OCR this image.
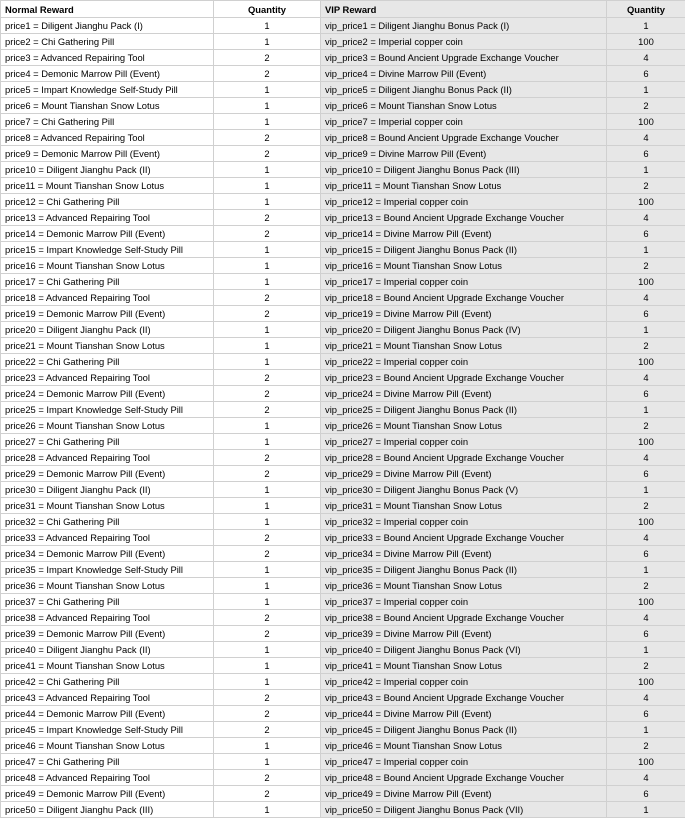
Normal Reward	Quantity	VIP Reward	Quantity
price1 = Diligent Jianghu Pack (I)	1	vip_price1 = Diligent Jianghu Bonus Pack (I)	1
price2 = Chi Gathering Pill	1	vip_price2 = Imperial copper coin	100
price3 = Advanced Repairing Tool	2	vip_price3 = Bound Ancient Upgrade Exchange Voucher	4
price4 = Demonic Marrow Pill (Event)	2	vip_price4 = Divine Marrow Pill (Event)	6
price5 = Impart Knowledge Self-Study Pill	1	vip_price5 = Diligent Jianghu Bonus Pack (II)	1
price6 = Mount Tianshan Snow Lotus	1	vip_price6 = Mount Tianshan Snow Lotus	2
price7 = Chi Gathering Pill	1	vip_price7 = Imperial copper coin	100
price8 = Advanced Repairing Tool	2	vip_price8 = Bound Ancient Upgrade Exchange Voucher	4
price9 = Demonic Marrow Pill (Event)	2	vip_price9 = Divine Marrow Pill (Event)	6
price10 = Diligent Jianghu Pack (II)	1	vip_price10 = Diligent Jianghu Bonus Pack (III)	1
price11 = Mount Tianshan Snow Lotus	1	vip_price11 = Mount Tianshan Snow Lotus	2
price12 = Chi Gathering Pill	1	vip_price12 = Imperial copper coin	100
price13 = Advanced Repairing Tool	2	vip_price13 = Bound Ancient Upgrade Exchange Voucher	4
price14 = Demonic Marrow Pill (Event)	2	vip_price14 = Divine Marrow Pill (Event)	6
price15 = Impart Knowledge Self-Study Pill	1	vip_price15 = Diligent Jianghu Bonus Pack (II)	1
price16 = Mount Tianshan Snow Lotus	1	vip_price16 = Mount Tianshan Snow Lotus	2
price17 = Chi Gathering Pill	1	vip_price17 = Imperial copper coin	100
price18 = Advanced Repairing Tool	2	vip_price18 = Bound Ancient Upgrade Exchange Voucher	4
price19 = Demonic Marrow Pill (Event)	2	vip_price19 = Divine Marrow Pill (Event)	6
price20 = Diligent Jianghu Pack (II)	1	vip_price20 = Diligent Jianghu Bonus Pack (IV)	1
price21 = Mount Tianshan Snow Lotus	1	vip_price21 = Mount Tianshan Snow Lotus	2
price22 = Chi Gathering Pill	1	vip_price22 = Imperial copper coin	100
price23 = Advanced Repairing Tool	2	vip_price23 = Bound Ancient Upgrade Exchange Voucher	4
price24 = Demonic Marrow Pill (Event)	2	vip_price24 = Divine Marrow Pill (Event)	6
price25 = Impart Knowledge Self-Study Pill	2	vip_price25 = Diligent Jianghu Bonus Pack (II)	1
price26 = Mount Tianshan Snow Lotus	1	vip_price26 = Mount Tianshan Snow Lotus	2
price27 = Chi Gathering Pill	1	vip_price27 = Imperial copper coin	100
price28 = Advanced Repairing Tool	2	vip_price28 = Bound Ancient Upgrade Exchange Voucher	4
price29 = Demonic Marrow Pill (Event)	2	vip_price29 = Divine Marrow Pill (Event)	6
price30 = Diligent Jianghu Pack (II)	1	vip_price30 = Diligent Jianghu Bonus Pack (V)	1
price31 = Mount Tianshan Snow Lotus	1	vip_price31 = Mount Tianshan Snow Lotus	2
price32 = Chi Gathering Pill	1	vip_price32 = Imperial copper coin	100
price33 = Advanced Repairing Tool	2	vip_price33 = Bound Ancient Upgrade Exchange Voucher	4
price34 = Demonic Marrow Pill (Event)	2	vip_price34 = Divine Marrow Pill (Event)	6
price35 = Impart Knowledge Self-Study Pill	1	vip_price35 = Diligent Jianghu Bonus Pack (II)	1
price36 = Mount Tianshan Snow Lotus	1	vip_price36 = Mount Tianshan Snow Lotus	2
price37 = Chi Gathering Pill	1	vip_price37 = Imperial copper coin	100
price38 = Advanced Repairing Tool	2	vip_price38 = Bound Ancient Upgrade Exchange Voucher	4
price39 = Demonic Marrow Pill (Event)	2	vip_price39 = Divine Marrow Pill (Event)	6
price40 = Diligent Jianghu Pack (II)	1	vip_price40 = Diligent Jianghu Bonus Pack (VI)	1
price41 = Mount Tianshan Snow Lotus	1	vip_price41 = Mount Tianshan Snow Lotus	2
price42 = Chi Gathering Pill	1	vip_price42 = Imperial copper coin	100
price43 = Advanced Repairing Tool	2	vip_price43 = Bound Ancient Upgrade Exchange Voucher	4
price44 = Demonic Marrow Pill (Event)	2	vip_price44 = Divine Marrow Pill (Event)	6
price45 = Impart Knowledge Self-Study Pill	2	vip_price45 = Diligent Jianghu Bonus Pack (II)	1
price46 = Mount Tianshan Snow Lotus	1	vip_price46 = Mount Tianshan Snow Lotus	2
price47 = Chi Gathering Pill	1	vip_price47 = Imperial copper coin	100
price48 = Advanced Repairing Tool	2	vip_price48 = Bound Ancient Upgrade Exchange Voucher	4
price49 = Demonic Marrow Pill (Event)	2	vip_price49 = Divine Marrow Pill (Event)	6
price50 = Diligent Jianghu Pack (III)	1	vip_price50 = Diligent Jianghu Bonus Pack (VII)	1
